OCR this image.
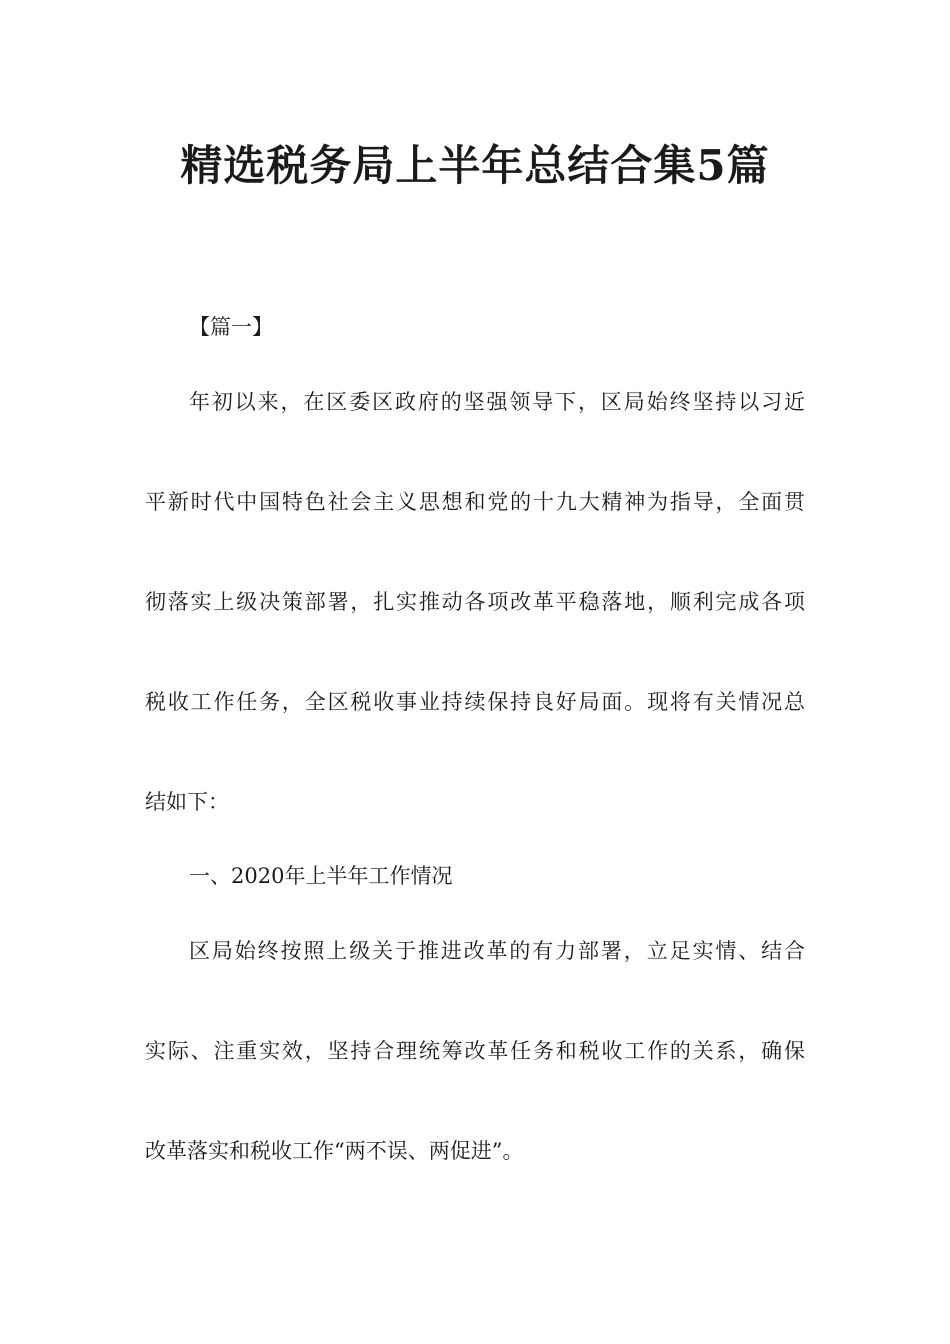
精选税务局上半年总结合集5篇
【篇一】
年初以来，在区委区政府的坚强领导下，区局始终坚持以习近
平新时代中国特色社会主义思想和党的十九大精神为指导，全面贯
彻落实上级决策部署，扎实推动各项改革平稳落地，顺利完成各项
税收工作任务，全区税收事业持续保持良好局面。现将有关情况总
结如下：
一、2020年上半年工作情况
区局始终按照上级关于推进改革的有力部署，立足实情、结合
实际、注重实效，坚持合理统筹改革任务和税收工作的关系，确保
改革落实和税收工作“两不误、两促进”。
